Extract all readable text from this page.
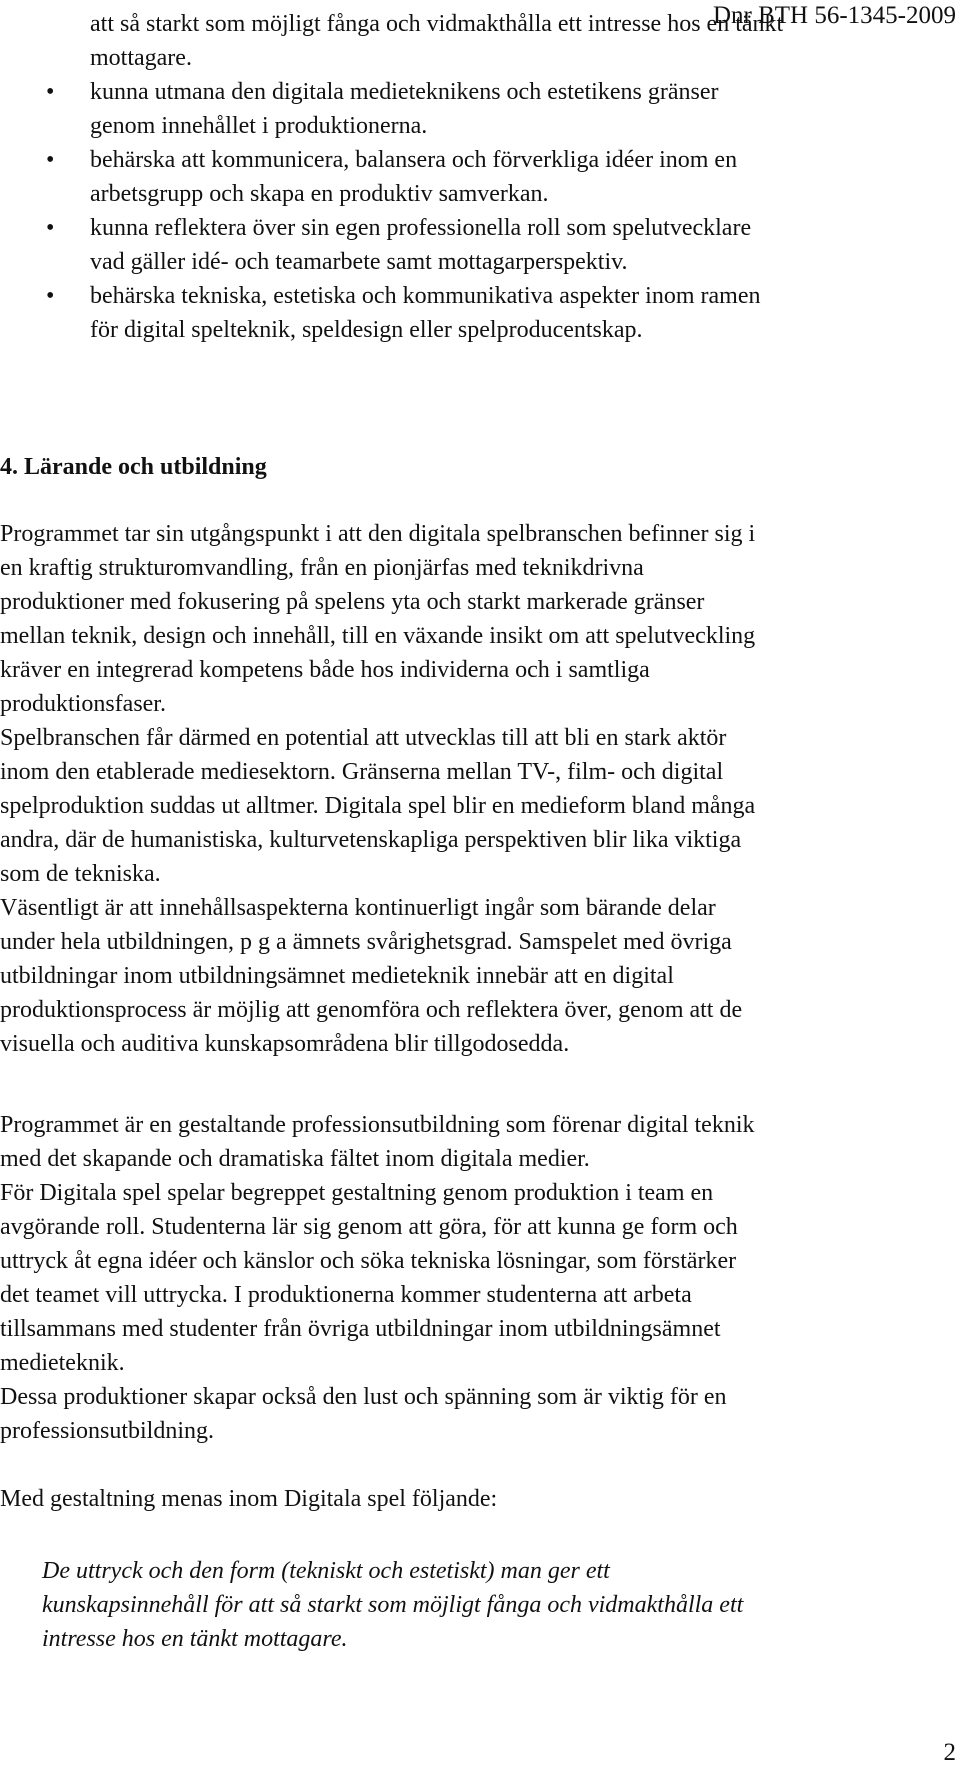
Dnr BTH 56-1345-2009
att så starkt som möjligt fånga och vidmakthålla ett intresse hos en tänkt
mottagare.
• kunna utmana den digitala medieteknikens och estetikens gränser
genom innehållet i produktionerna.
• behärska att kommunicera, balansera och förverkliga idéer inom en
arbetsgrupp och skapa en produktiv samverkan.
• kunna reflektera över sin egen professionella roll som spelutvecklare
vad gäller idé- och teamarbete samt mottagarperspektiv.
• behärska tekniska, estetiska och kommunikativa aspekter inom ramen
för digital spelteknik, speldesign eller spelproducentskap.
4. Lärande och utbildning
Programmet tar sin utgångspunkt i att den digitala spelbranschen befinner sig i
en kraftig strukturomvandling, från en pionjärfas med teknikdrivna
produktioner med fokusering på spelens yta och starkt markerade gränser
mellan teknik, design och innehåll, till en växande insikt om att spelutveckling
kräver en integrerad kompetens både hos individerna och i samtliga
produktionsfaser.
Spelbranschen får därmed en potential att utvecklas till att bli en stark aktör
inom den etablerade mediesektorn. Gränserna mellan TV-, film- och digital
spelproduktion suddas ut alltmer. Digitala spel blir en medieform bland många
andra, där de humanistiska, kulturvetenskapliga perspektiven blir lika viktiga
som de tekniska.
Väsentligt är att innehållsaspekterna kontinuerligt ingår som bärande delar
under hela utbildningen, p g a ämnets svårighetsgrad. Samspelet med övriga
utbildningar inom utbildningsämnet medieteknik innebär att en digital
produktionsprocess är möjlig att genomföra och reflektera över, genom att de
visuella och auditiva kunskapsområdena blir tillgodosedda.
Programmet är en gestaltande professionsutbildning som förenar digital teknik
med det skapande och dramatiska fältet inom digitala medier.
För Digitala spel spelar begreppet gestaltning genom produktion i team en
avgörande roll. Studenterna lär sig genom att göra, för att kunna ge form och
uttryck åt egna idéer och känslor och söka tekniska lösningar, som förstärker
det teamet vill uttrycka. I produktionerna kommer studenterna att arbeta
tillsammans med studenter från övriga utbildningar inom utbildningsämnet
medieteknik.
Dessa produktioner skapar också den lust och spänning som är viktig för en
professionsutbildning.
Med gestaltning menas inom Digitala spel följande:
De uttryck och den form (tekniskt och estetiskt) man ger ett
kunskapsinnehåll för att så starkt som möjligt fånga och vidmakthålla ett
intresse hos en tänkt mottagare.
2
